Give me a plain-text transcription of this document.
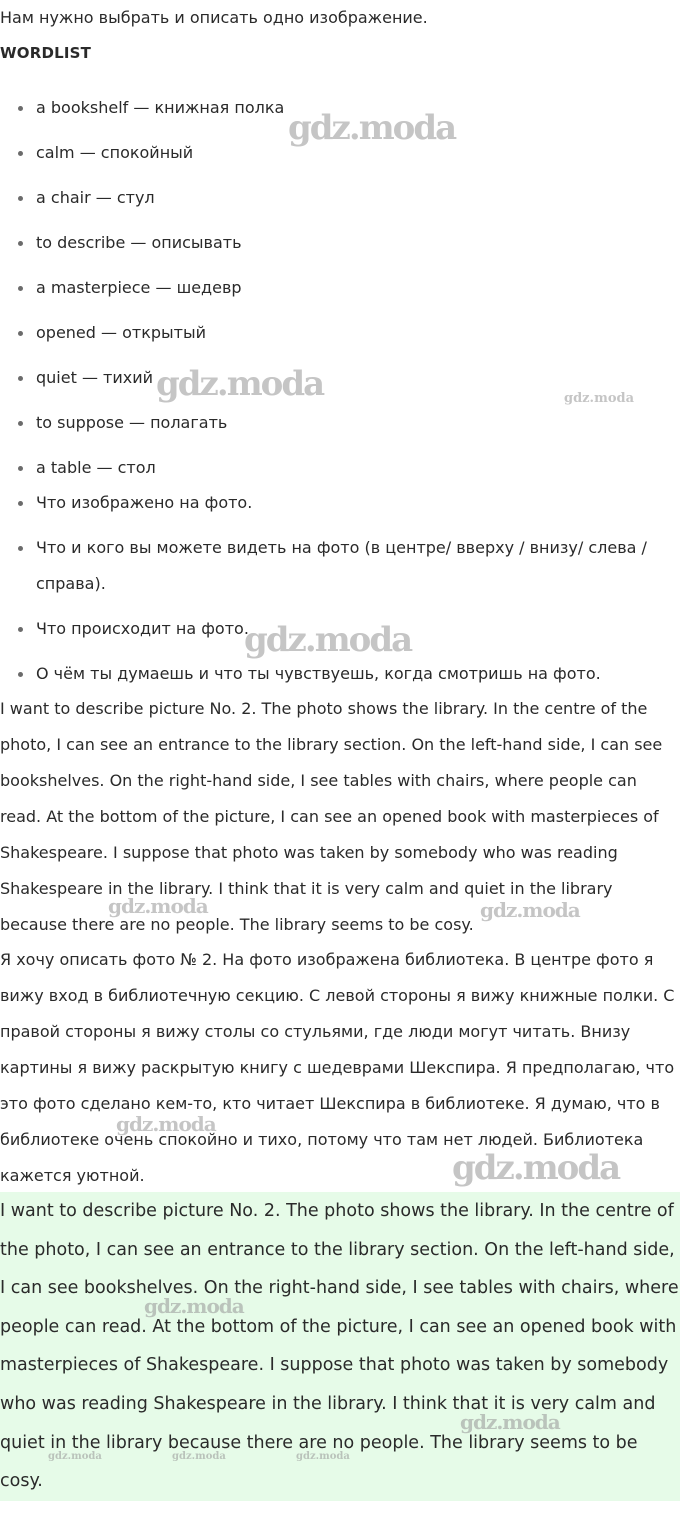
Нам нужно выбрать и описать одно изображение.
WORDLIST
a bookshelf — книжная полка
calm — спокойный
a chair — стул
to describe — описывать
a masterpiece — шедевр
opened — открытый
quiet — тихий
to suppose — полагать
a table — стол
Что изображено на фото.
Что и кого вы можете видеть на фото (в центре/ вверху / внизу/ слева /
справа).
Что происходит на фото.
О чём ты думаешь и что ты чувствуешь, когда смотришь на фото.
I want to describe picture No. 2. The photo shows the library. In the centre of the
photo, I can see an entrance to the library section. On the left-hand side, I can see
bookshelves. On the right-hand side, I see tables with chairs, where people can
read. At the bottom of the picture, I can see an opened book with masterpieces of
Shakespeare. I suppose that photo was taken by somebody who was reading
Shakespeare in the library. I think that it is very calm and quiet in the library
because there are no people. The library seems to be cosy.
Я хочу описать фото № 2. На фото изображена библиотека. В центре фото я
вижу вход в библиотечную секцию. С левой стороны я вижу книжные полки. С
правой стороны я вижу столы со стульями, где люди могут читать. Внизу
картины я вижу раскрытую книгу с шедеврами Шекспира. Я предполагаю, что
это фото сделано кем-то, кто читает Шекспира в библиотеке. Я думаю, что в
библиотеке очень спокойно и тихо, потому что там нет людей. Библиотека
кажется уютной.
I want to describe picture No. 2. The photo shows the library. In the centre of
the photo, I can see an entrance to the library section. On the left-hand side,
I can see bookshelves. On the right-hand side, I see tables with chairs, where
people can read. At the bottom of the picture, I can see an opened book with
masterpieces of Shakespeare. I suppose that photo was taken by somebody
who was reading Shakespeare in the library. I think that it is very calm and
quiet in the library because there are no people. The library seems to be
cosy.
gdz.moda
gdz.moda	gdz.moda
gdz.moda
gdz.moda	gdz.moda
gdz.moda
gdz.moda
gdz.moda
gdz.moda
gdz.moda	gdz.moda	gdz.moda
